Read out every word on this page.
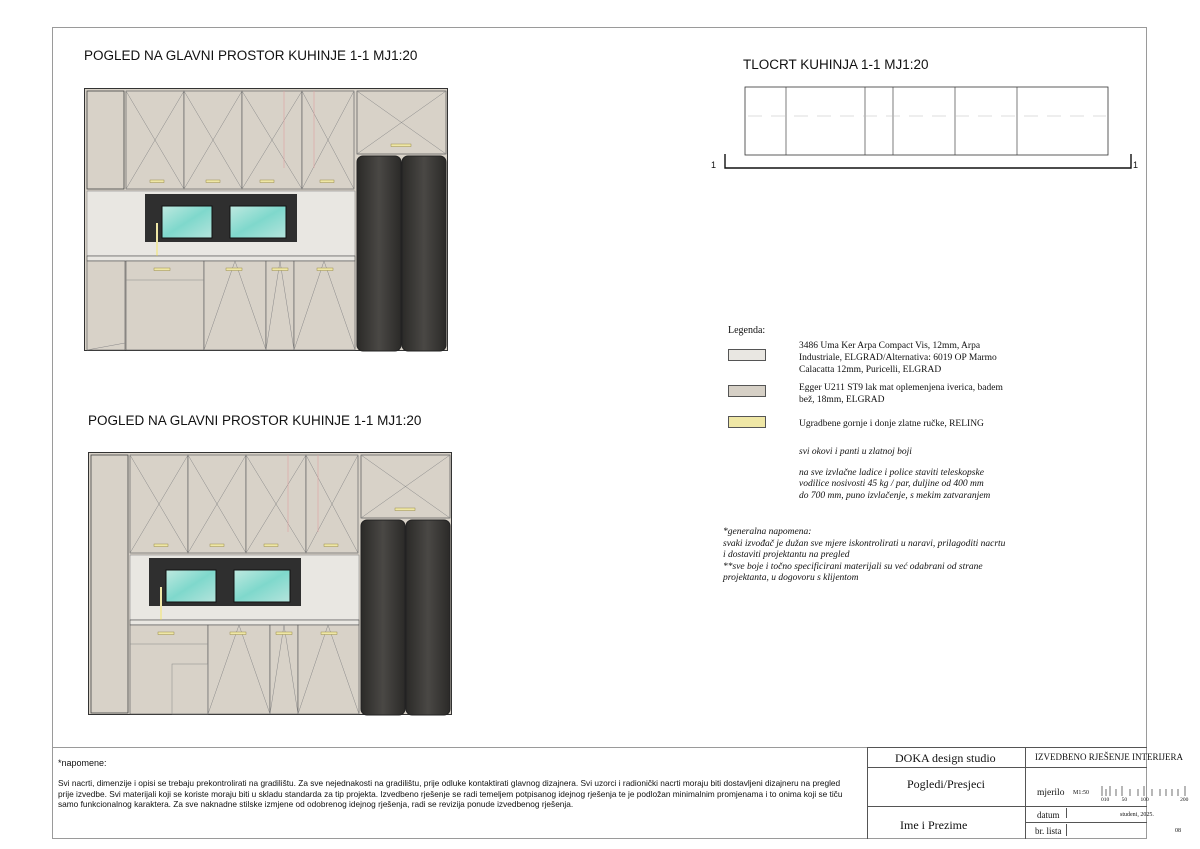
POGLED NA GLAVNI PROSTOR KUHINJE 1-1 MJ1:20
POGLED NA GLAVNI PROSTOR KUHINJE 1-1 MJ1:20
TLOCRT KUHINJA 1-1 MJ1:20
1	1
Legenda:
3486 Uma Ker Arpa Compact Vis, 12mm, Arpa
Industriale, ELGRAD/Alternativa: 6019 OP Marmo
Calacatta 12mm, Puricelli, ELGRAD
Egger U211 ST9 lak mat oplemenjena iverica, badem
bež, 18mm, ELGRAD
Ugradbene gornje i donje zlatne ručke, RELING
svi okovi i panti u zlatnoj boji
na sve izvlačne ladice i police staviti teleskopske
vodilice nosivosti 45 kg / par, duljine od 400 mm
do 700 mm, puno izvlačenje, s mekim zatvaranjem
*generalna napomena:
svaki izvođač je dužan sve mjere iskontrolirati u naravi, prilagoditi nacrtu
i dostaviti projektantu na pregled
**sve boje i točno specificirani materijali su već odabrani od strane
projektanta, u dogovoru s klijentom
*napomene:
Svi nacrti, dimenzije i opisi se trebaju prekontrolirati na gradilištu. Za sve nejednakosti na gradilištu, prije odluke kontaktirati glavnog dizajnera. Svi uzorci i radionički nacrti moraju biti dostavljeni dizajneru na pregled
prije izvedbe. Svi materijali koji se koriste moraju biti u skladu standarda za tip projekta. Izvedbeno rješenje se radi temeljem potpisanog idejnog rješenja te je podložan minimalnim promjenama i to onima koji se tiču
samo funkcionalnog karaktera. Za sve naknadne stilske izmjene od odobrenog idejnog rješenja, radi se revizija ponude izvedbenog rješenja.
DOKA design studio	IZVEDBENO RJEŠENJE INTERIJERA
Pogledi/Presjeci
Ime i Prezime
mjerilo M1:50
010 50 100	200
datum	studeni, 2025.
br. lista	08
